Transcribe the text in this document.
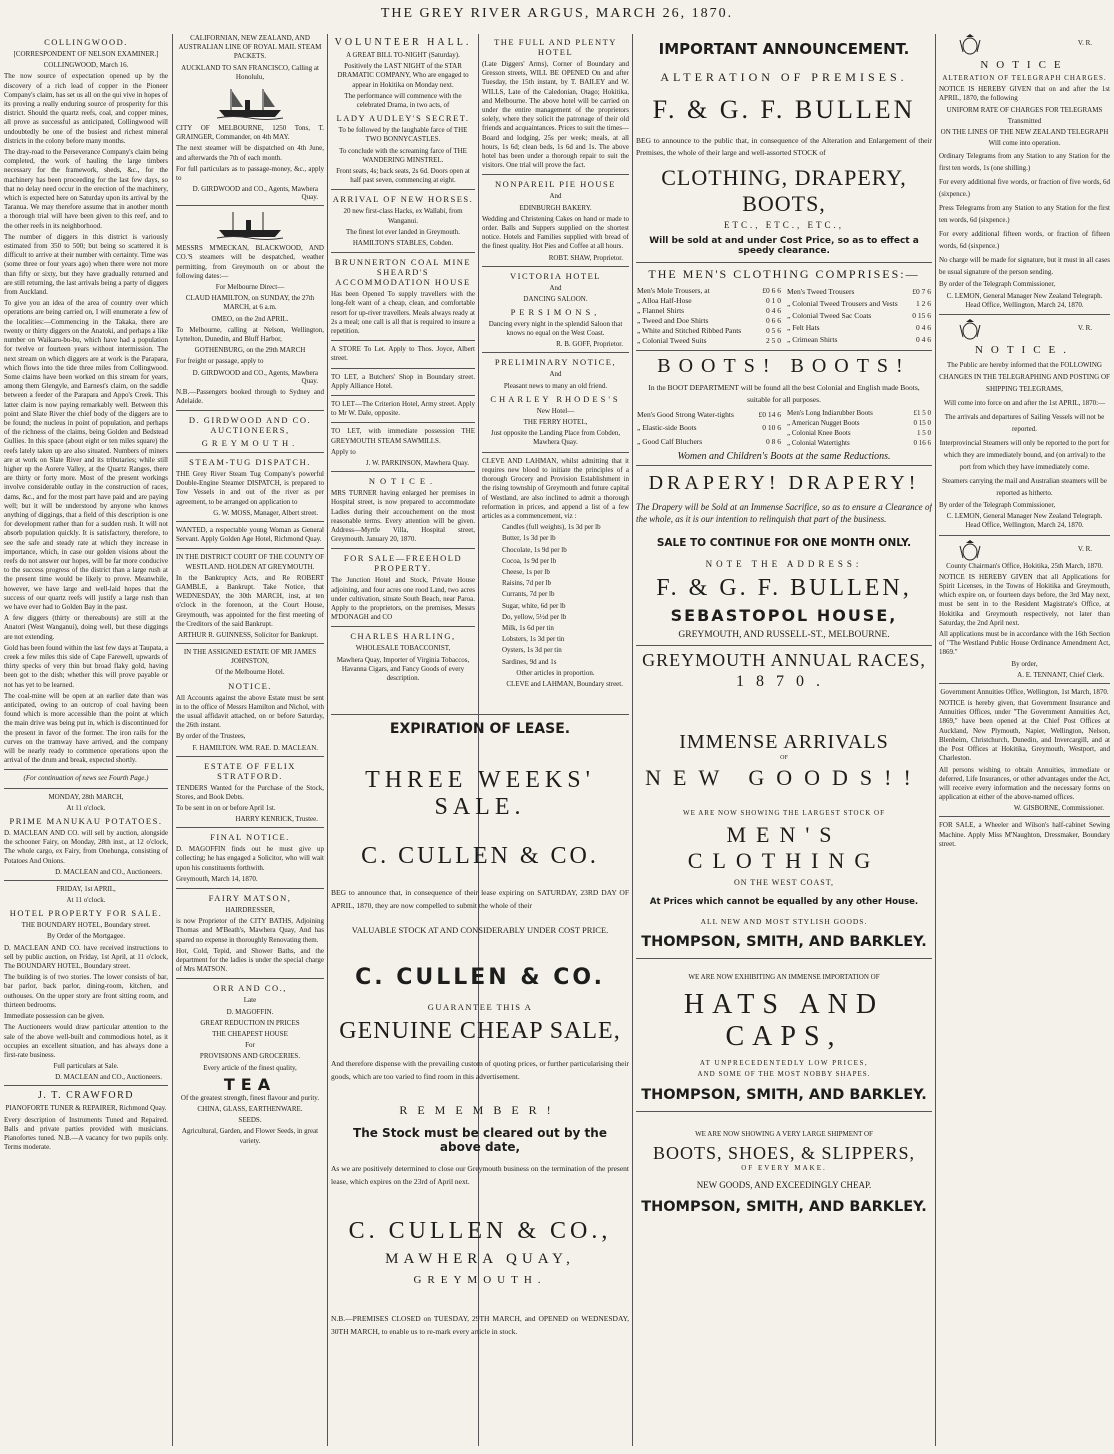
THE GREY RIVER ARGUS, MARCH 26, 1870.
COLLINGWOOD.
[CORRESPONDENT OF NELSON EXAMINER.]
COLLINGWOOD, March 16.

The now source of expectation opened up by the discovery of a rich lead of copper in the Pioneer Company's claim, has set us all on the qui vive in hopes of its proving a really enduring source of prosperity for this district. Should the quartz reefs, coal, and copper mines, all prove as successful as anticipated, Collingwood will undoubtedly be one of the busiest and richest mineral districts in the colony before many months.

The dray-road to the Perseverance Company's claim being completed, the work of hauling the large timbers necessary for the framework, sheds, &c., for the machinery has been proceeding for the last few days, so that no delay need occur in the erection of the machinery, which is expected here on Saturday upon its arrival by the Taranua. We may therefore assume that in another month a thorough trial will have been given to this reef, and to the other reefs in its neighborhood.

The number of diggers in this district is variously estimated from 350 to 500; but being so scattered it is difficult to arrive at their number with certainty. Time was (some three or four years ago) when there were not more than fifty or sixty, but they have gradually returned and are still returning, the last arrivals being a party of diggers from Auckland.

To give you an idea of the area of country over which operations are being carried on, I will enumerate a few of the localities:—Commencing in the Takaka, there are twenty or thirty diggers on the Anatoki, and perhaps a like number on Waikaru-bu-bu, which have had a population for twelve or fourteen years without intermission. The next stream on which diggers are at work is the Parapara, which flows into the tide three miles from Collingwood. Some claims have been worked on this stream for years, among them Glengyle, and Earnest's claim, on the saddle between a feeder of the Parapara and Appo's Creek. This latter claim is now paying remarkably well. Between this point and Slate River the chief body of the diggers are to be found; the nucleus in point of population, and perhaps of the richness of the claims, being Golden and Bedstead Gullies. In this space (about eight or ten miles square) the reefs lately taken up are also situated. Numbers of miners are at work on Slate River and its tributaries; while still higher up the Aorere Valley, at the Quartz Ranges, there are thirty or forty more. Most of the present workings involve considerable outlay in the construction of races, dams, &c., and for the most part have paid and are paying well; but it will be understood by anyone who knows anything of diggings, that a field of this description is one for development rather than for a sudden rush. It will not absorb population quickly. It is satisfactory, therefore, to see the safe and steady rate at which they increase in importance, which, in case our golden visions about the reefs do not answer our hopes, will be far more conducive to the success progress of the district than a large rush at the present time would be likely to prove. Meanwhile, however, we have large and well-laid hopes that the success of our quartz reefs will justify a large rush than we have ever had to Golden Bay in the past.

A few diggers (thirty or thereabouts) are still at the Anatori (West Wanganui), doing well, but these diggings are not extending.

Gold has been found within the last few days at Taupata, a creek a few miles this side of Cape Farewell, upwards of thirty specks of very thin but broad flaky gold, having been got to the dish; whether this will prove payable or not has yet to be learned.

The coal-mine will be open at an earlier date than was anticipated, owing to an outcrop of coal having been found which is more accessible than the point at which the main drive was being put in, which is discontinued for the present in favor of the former. The iron rails for the curves on the tramway have arrived, and the company will be nearly ready to commence operations upon the arrival of the drum and break, expected shortly.

(For continuation of news see Fourth Page.)
MONDAY, 28th MARCH,
At 11 o'clock.
PRIME MANUKAU POTATOES.

D. MACLEAN AND CO. will sell by auction, alongside the schooner Fairy, on Monday, 28th inst., at 12 o'clock, The whole cargo, ex Fairy, from Onehunga, consisting of Potatoes And Onions.

D. MACLEAN and CO., Auctioneers.
FRIDAY, 1st APRIL,
At 11 o'clock.
HOTEL PROPERTY FOR SALE.
THE BOUNDARY HOTEL, Boundary street.
By Order of the Mortgagee.

D. MACLEAN AND CO. have received instructions to sell by public auction, on Friday, 1st April, at 11 o'clock, The BOUNDARY HOTEL, Boundary street.

The building is of two stories. The lower consists of bar, bar parlor, back parlor, dining-room, kitchen, and outhouses. On the upper story are front sitting room, and thirteen bedrooms.

Immediate possession can be given.

The Auctioneers would draw particular attention to the sale of the above well-built and commodious hotel, as it occupies an excellent situation, and has always done a first-rate business.

Full particulars at Sale.

D. MACLEAN and CO., Auctioneers.
J. T. CRAWFORD
PIANOFORTE TUNER & REPAIRER, Richmond Quay.

Every description of Instruments Tuned and Repaired. Balls and private parties provided with musicians. Pianofortes tuned. N.B.—A vacancy for two pupils only. Terms moderate.

CALIFORNIAN, NEW ZEALAND, AND AUSTRALIAN LINE OF ROYAL MAIL STEAM PACKETS.
AUCKLAND TO SAN FRANCISCO, Calling at Honolulu,

CITY OF MELBOURNE, 1250 Tons, T. GRAINGER, Commander, on 4th MAY.

The next steamer will be dispatched on 4th June, and afterwards the 7th of each month.

For full particulars as to passage-money, &c., apply to

D. GIRDWOOD and CO., Agents, Mawhera Quay.

MESSRS M'MECKAN, BLACKWOOD, AND CO.'S steamers will be despatched, weather permitting, from Greymouth on or about the following dates:—

For Melbourne Direct—
CLAUD HAMILTON, on SUNDAY, the 27th MARCH, at 6 a.m.
OMEO, on the 2nd APRIL.
To Melbourne, calling at Nelson, Wellington, Lyttelton, Dunedin, and Bluff Harbor,
GOTHENBURG, on the 29th MARCH
For freight or passage, apply to
D. GIRDWOOD and CO., Agents, Mawhera Quay.
N.B.—Passengers booked through to Sydney and Adelaide.
D. GIRDWOOD AND CO. AUCTIONEERS,
GREYMOUTH.
STEAM-TUG DISPATCH.

THE Grey River Steam Tug Company's powerful Double-Engine Steamer DISPATCH, is prepared to Tow Vessels in and out of the river as per agreement, to be arranged on application to

G. W. MOSS, Manager, Albert street.

WANTED, a respectable young Woman as General Servant. Apply Golden Age Hotel, Richmond Quay.

IN THE DISTRICT COURT OF THE COUNTY OF WESTLAND. HOLDEN AT GREYMOUTH.

In the Bankruptcy Acts, and Re ROBERT GAMBLE, a Bankrupt. Take Notice, that WEDNESDAY, the 30th MARCH, inst, at ten o'clock in the forenoon, at the Court House, Greymouth, was appointed for the first meeting of the Creditors of the said Bankrupt.

ARTHUR R. GUINNESS, Solicitor for Bankrupt.
IN THE ASSIGNED ESTATE OF MR JAMES JOHNSTON,
Of the Melbourne Hotel.
NOTICE.

All Accounts against the above Estate must be sent in to the office of Messrs Hamilton and Nichol, with the usual affidavit attached, on or before Saturday, the 26th instant.

By order of the Trustees,
F. HAMILTON. WM. RAE. D. MACLEAN.
ESTATE OF FELIX STRATFORD.

TENDERS Wanted for the Purchase of the Stock, Stores, and Book Debts.

To be sent in on or before April 1st.

HARRY KENRICK, Trustee.
FINAL NOTICE.

D. MAGOFFIN finds out he must give up collecting; he has engaged a Solicitor, who will wait upon his constituents forthwith.

Greymouth, March 14, 1870.
FAIRY MATSON,
HAIRDRESSER,

is now Proprietor of the CITY BATHS, Adjoining Thomas and M'Beath's, Mawhera Quay, And has spared no expense in thoroughly Renovating them.

Hot, Cold, Tepid, and Shower Baths, and the department for the ladies is under the special charge of Mrs MATSON.

ORR AND CO.,
Late
D. MAGOFFIN.
GREAT REDUCTION IN PRICES
THE CHEAPEST HOUSE
For
PROVISIONS AND GROCERIES.
Every article of the finest quality,
TEA
Of the greatest strength, finest flavour and purity.
CHINA, GLASS, EARTHENWARE.
SEEDS.
Agricultural, Garden, and Flower Seeds, in great variety.
VOLUNTEER HALL.
A GREAT BILL TO-NIGHT (Saturday).

Positively the LAST NIGHT of the STAR DRAMATIC COMPANY, Who are engaged to appear in Hokitika on Monday next.

The performance will commence with the celebrated Drama, in two acts, of

LADY AUDLEY'S SECRET.

To be followed by the laughable farce of THE TWO BONNYCASTLES.

To conclude with the screaming farce of THE WANDERING MINSTREL.

Front seats, 4s; back seats, 2s 6d. Doors open at half past seven, commencing at eight.

ARRIVAL OF NEW HORSES.

20 new first-class Hacks, ex Wallabi, from Wanganui.

The finest lot ever landed in Greymouth.

HAMILTON'S STABLES, Cobden.
BRUNNERTON COAL MINE SHEARD'S ACCOMMODATION HOUSE

Has been Opened To supply travellers with the long-felt want of a cheap, clean, and comfortable resort for up-river travellers. Meals always ready at 2s a meal; one call is all that is required to insure a repetition.

A STORE To Let. Apply to Thos. Joyce, Albert street.

TO LET, a Butchers' Shop in Boundary street. Apply Alliance Hotel.

TO LET—The Criterion Hotel, Army street. Apply to Mr W. Dale, opposite.

TO LET, with immediate possession THE GREYMOUTH STEAM SAWMILLS.

Apply to
J. W. PARKINSON, Mawhera Quay.
NOTICE.

MRS TURNER having enlarged her premises in Hospital street, is now prepared to accommodate Ladies during their accouchement on the most reasonable terms. Every attention will be given. Address—Myrtle Villa, Hospital street, Greymouth. January 20, 1870.

FOR SALE—FREEHOLD PROPERTY.

The Junction Hotel and Stock, Private House adjoining, and four acres one rood Land, two acres under cultivation, situate South Beach, near Paroa. Apply to the proprietors, on the premises, Messrs M'DONAGH and CO

CHARLES HARLING,
WHOLESALE TOBACCONIST,

Mawhera Quay, Importer of Virginia Tobaccos, Havanna Cigars, and Fancy Goods of every description.

THE FULL AND PLENTY HOTEL

(Late Diggers' Arms), Corner of Boundary and Gresson streets, WILL BE OPENED On and after Tuesday, the 15th instant, by T. BAILEY and W. WILLS, Late of the Caledonian, Otago; Hokitika, and Melbourne. The above hotel will be carried on under the entire management of the proprietors solely, where they solicit the patronage of their old friends and acquaintances. Prices to suit the times—Board and lodging, 25s per week; meals, at all hours, 1s 6d; clean beds, 1s 6d and 1s. The above hotel has been under a thorough repair to suit the visitors. One trial will prove the fact.

NONPAREIL PIE HOUSE
And
EDINBURGH BAKERY.

Wedding and Christening Cakes on hand or made to order. Balls and Suppers supplied on the shortest notice. Hotels and Families supplied with bread of the finest quality. Hot Pies and Coffee at all hours.

ROBT. SHAW, Proprietor.
VICTORIA HOTEL
And
DANCING SALOON.
PERSIMONS,

Dancing every night in the splendid Saloon that knows no equal on the West Coast.

R. B. GOFF, Proprietor.
PRELIMINARY NOTICE,
And
Pleasant news to many an old friend.
CHARLEY RHODES'S
New Hotel—
THE FERRY HOTEL,

Just opposite the Landing Place from Cobden, Mawhera Quay.

CLEVE AND LAHMAN, whilst admitting that it requires new blood to initiate the principles of a thorough Grocery and Provision Establishment in the rising township of Greymouth and future capital of Westland, are also inclined to admit a thorough reformation in prices, and append a list of a few articles as a commencement, viz :

Candles (full weights), 1s 3d per lb
Butter, 1s 3d per lb
Chocolate, 1s 9d per lb
Cocoa, 1s 9d per lb
Cheese, 1s per lb
Raisins, 7d per lb
Currants, 7d per lb
Sugar, white, 6d per lb
Do, yellow, 5½d per lb
Milk, 1s 6d per tin
Lobsters, 1s 3d per tin
Oysters, 1s 3d per tin
Sardines, 9d and 1s
Other articles in proportion.
CLEVE and LAHMAN, Boundary street.
EXPIRATION OF LEASE.
THREE WEEKS' SALE.
C. CULLEN & CO.

BEG to announce that, in consequence of their lease expiring on SATURDAY, 23RD DAY OF APRIL, 1870, they are now compelled to submit the whole of their

VALUABLE STOCK AT AND CONSIDERABLY UNDER COST PRICE.
C. CULLEN & CO.
GUARANTEE THIS A
GENUINE CHEAP SALE,

And therefore dispense with the prevailing custom of quoting prices, or further particularising their goods, which are too varied to find room in this advertisement.

REMEMBER!
The Stock must be cleared out by the above date,

As we are positively determined to close our Greymouth business on the termination of the present lease, which expires on the 23rd of April next.

C. CULLEN & CO.,
MAWHERA QUAY,
GREYMOUTH.

N.B.—PREMISES CLOSED on TUESDAY, 29TH MARCH, and OPENED on WEDNESDAY, 30TH MARCH, to enable us to re-mark every article in stock.

IMPORTANT ANNOUNCEMENT.
ALTERATION OF PREMISES.
F. & G. F. BULLEN

BEG to announce to the public that, in consequence of the Alteration and Enlargement of their Premises, the whole of their large and well-assorted STOCK of

CLOTHING, DRAPERY, BOOTS,
ETC., ETC., ETC.,
Will be sold at and under Cost Price, so as to effect a speedy clearance.
THE MEN'S CLOTHING COMPRISES:—
Men's Mole Trousers, at	£0 6 6
„ Alloa Half-Hose	0 1 0
„ Flannel Shirts	0 4 6
„ Tweed and Doe Shirts	0 6 6
„ White and Stitched Ribbed Pants	0 5 6
„ Colonial Tweed Suits	2 5 0
Men's Tweed Trousers	£0 7 6
„ Colonial Tweed Trousers and Vests	1 2 6
„ Colonial Tweed Sac Coats	0 15 6
„ Felt Hats	0 4 6
„ Crimean Shirts	0 4 6
BOOTS! BOOTS!

In the BOOT DEPARTMENT will be found all the best Colonial and English made Boots, suitable for all purposes.

Men's Good Strong Water-tights	£0 14 6
„ Elastic-side Boots	0 10 6
„ Good Calf Bluchers	0 8 6
Men's Long Indiarubber Boots	£1 5 0
„ American Nugget Boots	0 15 0
„ Colonial Knee Boots	1 5 0
„ Colonial Watertights	0 16 6
Women and Children's Boots at the same Reductions.
DRAPERY! DRAPERY!

The Drapery will be Sold at an Immense Sacrifice, so as to ensure a Clearance of the whole, as it is our intention to relinquish that part of the business.

SALE TO CONTINUE FOR ONE MONTH ONLY.
NOTE THE ADDRESS:
F. & G. F. BULLEN,
SEBASTOPOL HOUSE,
GREYMOUTH, AND RUSSELL-ST., MELBOURNE.
GREYMOUTH ANNUAL RACES,
1870.
IMMENSE ARRIVALS
OF
NEW GOODS!!
WE ARE NOW SHOWING THE LARGEST STOCK OF
MEN'S CLOTHING
ON THE WEST COAST,
At Prices which cannot be equalled by any other House.
ALL NEW AND MOST STYLISH GOODS.
THOMPSON, SMITH, AND BARKLEY.
WE ARE NOW EXHIBITING AN IMMENSE IMPORTATION OF
HATS AND CAPS,
AT UNPRECEDENTEDLY LOW PRICES,
AND SOME OF THE MOST NOBBY SHAPES.
THOMPSON, SMITH, AND BARKLEY.
WE ARE NOW SHOWING A VERY LARGE SHIPMENT OF
BOOTS, SHOES, & SLIPPERS,
OF EVERY MAKE.
NEW GOODS, AND EXCEEDINGLY CHEAP.
THOMPSON, SMITH, AND BARKLEY.
V. R.
NOTICE
ALTERATION OF TELEGRAPH CHARGES.

NOTICE IS HEREBY GIVEN that on and after the 1st APRIL, 1870, the following

UNIFORM RATE OF CHARGES FOR TELEGRAMS
Transmitted
ON THE LINES OF THE NEW ZEALAND TELEGRAPH
Will come into operation.

Ordinary Telegrams from any Station to any Station for the first ten words, 1s (one shilling.)

For every additional five words, or fraction of five words, 6d (sixpence.)

Press Telegrams from any Station to any Station for the first ten words, 6d (sixpence.)

For every additional fifteen words, or fraction of fifteen words, 6d (sixpence.)

No charge will be made for signature, but it must in all cases be usual signature of the person sending.

By order of the Telegraph Commissioner,
C. LEMON, General Manager New Zealand Telegraph. Head Office, Wellington, March 24, 1870.
V. R.
NOTICE.

The Public are hereby informed that the FOLLOWING CHANGES IN THE TELEGRAPHING AND POSTING OF SHIPPING TELEGRAMS,

Will come into force on and after the 1st APRIL, 1870:—

The arrivals and departures of Sailing Vessels will not be reported.

Interprovincial Steamers will only be reported to the port for which they are immediately bound, and (on arrival) to the port from which they have immediately come.

Steamers carrying the mail and Australian steamers will be reported as hitherto.

By order of the Telegraph Commissioner,
C. LEMON, General Manager New Zealand Telegraph. Head Office, Wellington, March 24, 1870.
V. R.
County Chairman's Office, Hokitika, 25th March, 1870.

NOTICE IS HEREBY GIVEN that all Applications for Spirit Licenses, in the Towns of Hokitika and Greymouth, which expire on, or fourteen days before, the 3rd May next, must be sent in to the Resident Magistrate's Office, at Hokitika and Greymouth respectively, not later than Saturday, the 2nd April next.

All applications must be in accordance with the 16th Section of "The Westland Public House Ordinance Amendment Act, 1869."

By order,
A. E. TENNANT, Chief Clerk.
Government Annuities Office, Wellington, 1st March, 1870.

NOTICE is hereby given, that Government Insurance and Annuities Offices, under "The Government Annuities Act, 1869," have been opened at the Chief Post Offices at Auckland, New Plymouth, Napier, Wellington, Nelson, Blenheim, Christchurch, Dunedin, and Invercargill, and at the Post Offices at Hokitika, Greymouth, Westport, and Charleston.

All persons wishing to obtain Annuities, immediate or deferred, Life Insurances, or other advantages under the Act, will receive every information and the necessary forms on application at either of the above-named offices.

W. GISBORNE, Commissioner.

FOR SALE, a Wheeler and Wilson's half-cabinet Sewing Machine. Apply Miss M'Naughton, Dressmaker, Boundary street.
